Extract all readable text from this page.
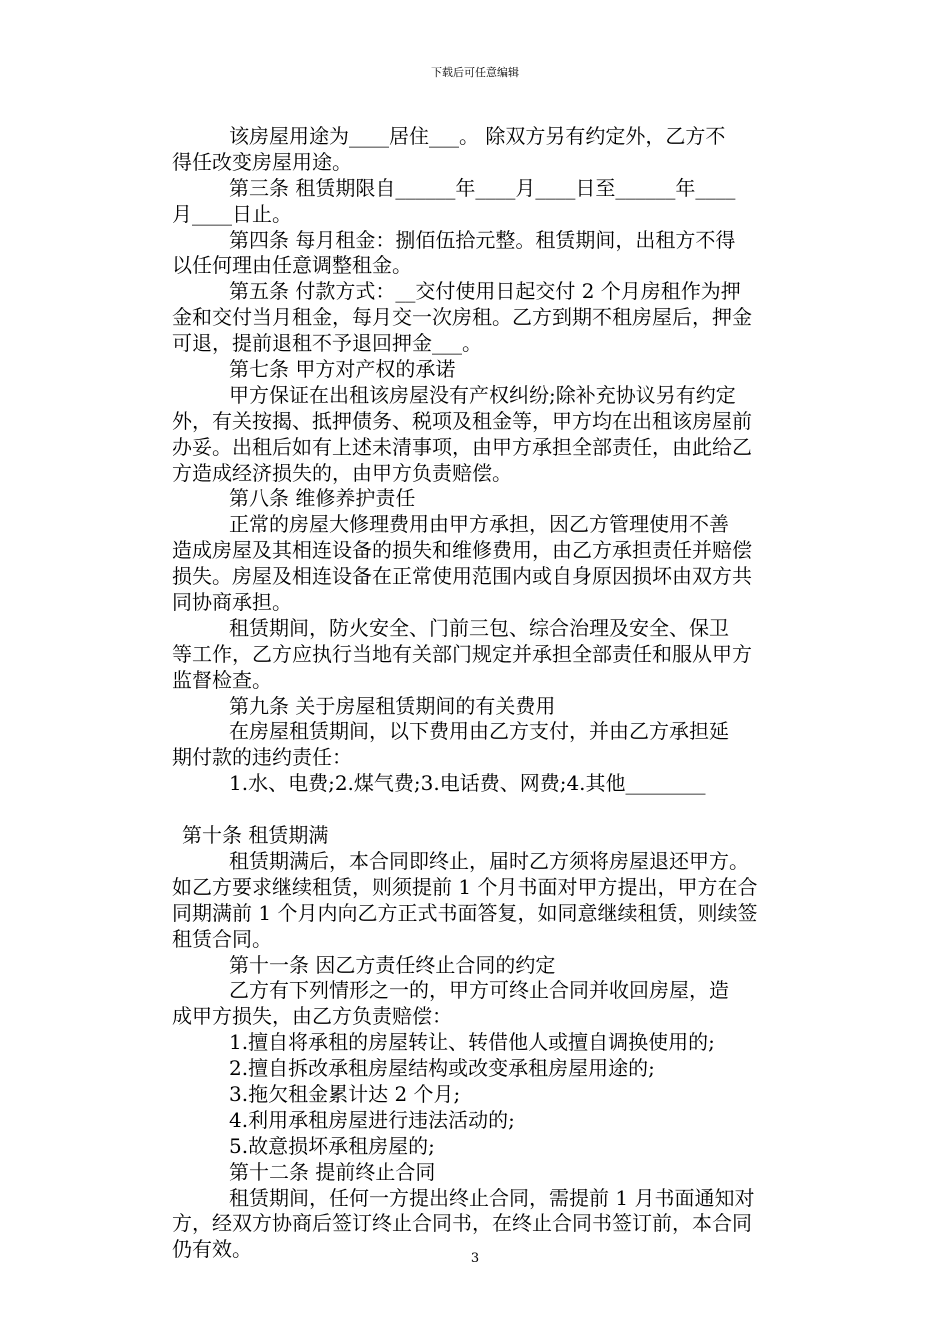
下载后可任意编辑
该房屋用途为____居住___。 除双方另有约定外，乙方不
得任改变房屋用途。
第三条 租赁期限自______年____月____日至______年____
月____日止。
第四条 每月租金：捌佰伍拾元整。租赁期间，出租方不得
以任何理由任意调整租金。
第五条 付款方式：__交付使用日起交付 2 个月房租作为押
金和交付当月租金，每月交一次房租。乙方到期不租房屋后，押金
可退，提前退租不予退回押金___。
第七条 甲方对产权的承诺
甲方保证在出租该房屋没有产权纠纷;除补充协议另有约定
外，有关按揭、抵押债务、税项及租金等，甲方均在出租该房屋前
办妥。出租后如有上述未清事项，由甲方承担全部责任，由此给乙
方造成经济损失的，由甲方负责赔偿。
第八条 维修养护责任
正常的房屋大修理费用由甲方承担，因乙方管理使用不善
造成房屋及其相连设备的损失和维修费用，由乙方承担责任并赔偿
损失。房屋及相连设备在正常使用范围内或自身原因损坏由双方共
同协商承担。
租赁期间，防火安全、门前三包、综合治理及安全、保卫
等工作，乙方应执行当地有关部门规定并承担全部责任和服从甲方
监督检查。
第九条 关于房屋租赁期间的有关费用
在房屋租赁期间，以下费用由乙方支付，并由乙方承担延
期付款的违约责任：
1.水、电费;2.煤气费;3.电话费、网费;4.其他________
第十条 租赁期满
租赁期满后，本合同即终止，届时乙方须将房屋退还甲方。
如乙方要求继续租赁，则须提前 1 个月书面对甲方提出，甲方在合
同期满前 1 个月内向乙方正式书面答复，如同意继续租赁，则续签
租赁合同。
第十一条 因乙方责任终止合同的约定
乙方有下列情形之一的，甲方可终止合同并收回房屋，造
成甲方损失，由乙方负责赔偿：
1.擅自将承租的房屋转让、转借他人或擅自调换使用的;
2.擅自拆改承租房屋结构或改变承租房屋用途的;
3.拖欠租金累计达 2 个月;
4.利用承租房屋进行违法活动的;
5.故意损坏承租房屋的;
第十二条 提前终止合同
租赁期间，任何一方提出终止合同，需提前 1 月书面通知对
方，经双方协商后签订终止合同书，在终止合同书签订前，本合同
仍有效。	3
